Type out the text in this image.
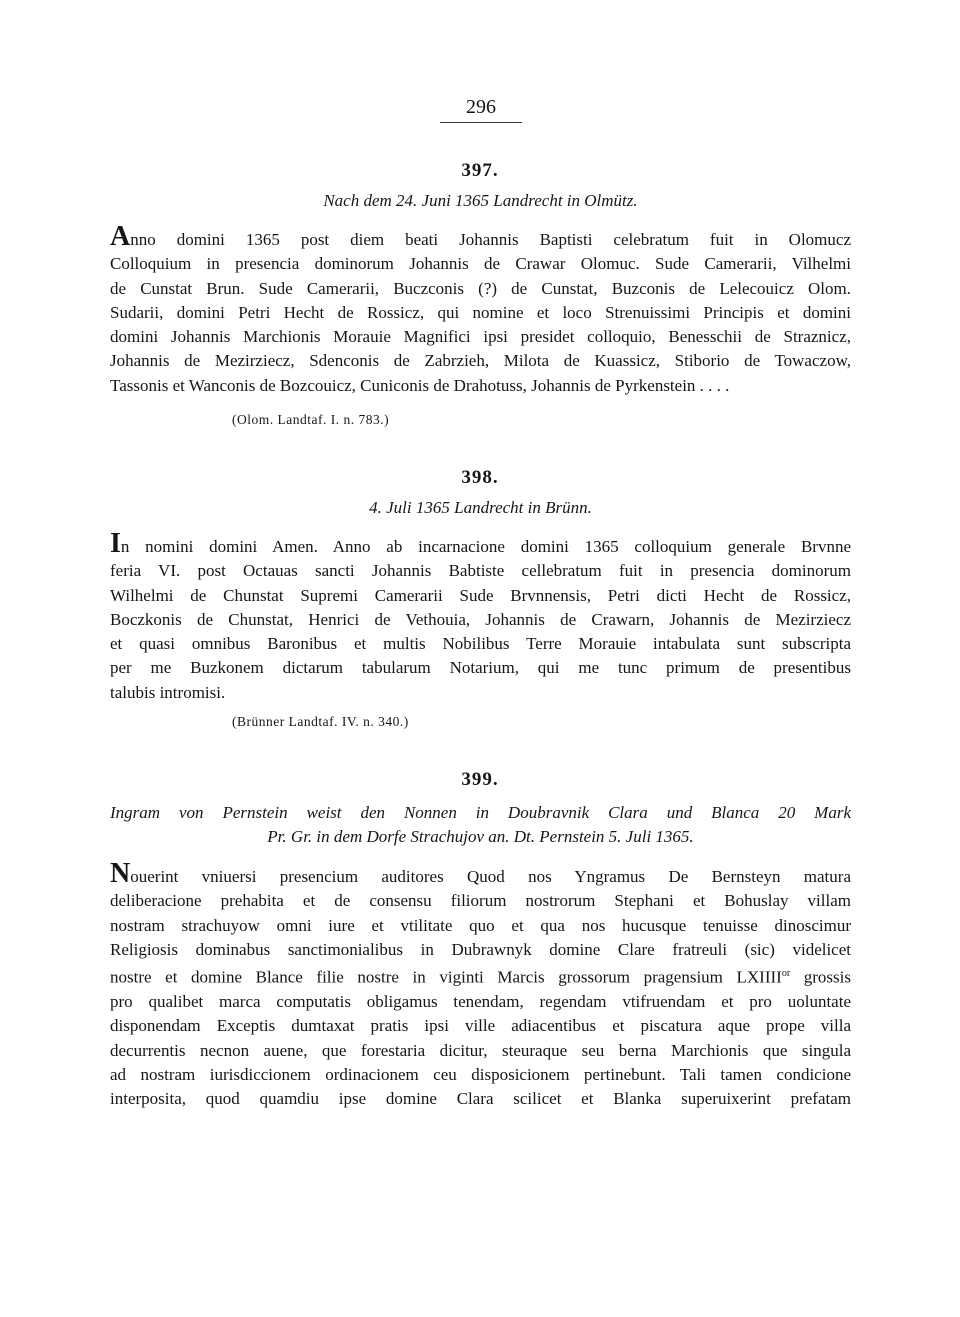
296
397.
Nach dem 24. Juni 1365 Landrecht in Olmütz.
Anno domini 1365 post diem beati Johannis Baptisti celebratum fuit in Olomucz
Colloquium in presencia dominorum Johannis de Crawar Olomuc. Sude Camerarii, Vilhelmi
de Cunstat Brun. Sude Camerarii, Buczconis (?) de Cunstat, Buzconis de Lelecouicz Olom.
Sudarii, domini Petri Hecht de Rossicz, qui nomine et loco Strenuissimi Principis et domini
domini Johannis Marchionis Morauie Magnifici ipsi presidet colloquio, Benesschii de Straznicz,
Johannis de Mezirziecz, Sdenconis de Zabrzieh, Milota de Kuassicz, Stiborio de Towaczow,
Tassonis et Wanconis de Bozcouicz, Cuniconis de Drahotuss, Johannis de Pyrkenstein . . . .
(Olom. Landtaf. I. n. 783.)
398.
4. Juli 1365 Landrecht in Brünn.
In nomini domini Amen. Anno ab incarnacione domini 1365 colloquium generale Brvnne
feria VI. post Octauas sancti Johannis Babtiste cellebratum fuit in presencia dominorum
Wilhelmi de Chunstat Supremi Camerarii Sude Brvnnensis, Petri dicti Hecht de Rossicz,
Boczkonis de Chunstat, Henrici de Vethouia, Johannis de Crawarn, Johannis de Mezirziecz
et quasi omnibus Baronibus et multis Nobilibus Terre Morauie intabulata sunt subscripta
per me Buzkonem dictarum tabularum Notarium, qui me tunc primum de presentibus
talubis intromisi.
(Brünner Landtaf. IV. n. 340.)
399.
Ingram von Pernstein weist den Nonnen in Doubravnik Clara und Blanca 20 Mark
Pr. Gr. in dem Dorfe Strachujov an. Dt. Pernstein 5. Juli 1365.
Nouerint vniuersi presencium auditores Quod nos Yngramus De Bernsteyn matura
deliberacione prehabita et de consensu filiorum nostrorum Stephani et Bohuslay villam
nostram strachuyow omni iure et vtilitate quo et qua nos hucusque tenuisse dinoscimur
Religiosis dominabus sanctimonialibus in Dubrawnyk domine Clare fratreuli (sic) videlicet
nostre et domine Blance filie nostre in viginti Marcis grossorum pragensium $LXIIII^{or}$ grossis
pro qualibet marca computatis obligamus tenendam, regendam vtifruendam et pro uoluntate
disponendam Exceptis dumtaxat pratis ipsi ville adiacentibus et piscatura aque prope villa
decurrentis necnon auene, que forestaria dicitur, steuraque seu berna Marchionis que singula
ad nostram iurisdiccionem ordinacionem ceu disposicionem pertinebunt. Tali tamen condicione
interposita, quod quamdiu ipse domine Clara scilicet et Blanka superuixerint prefatam
